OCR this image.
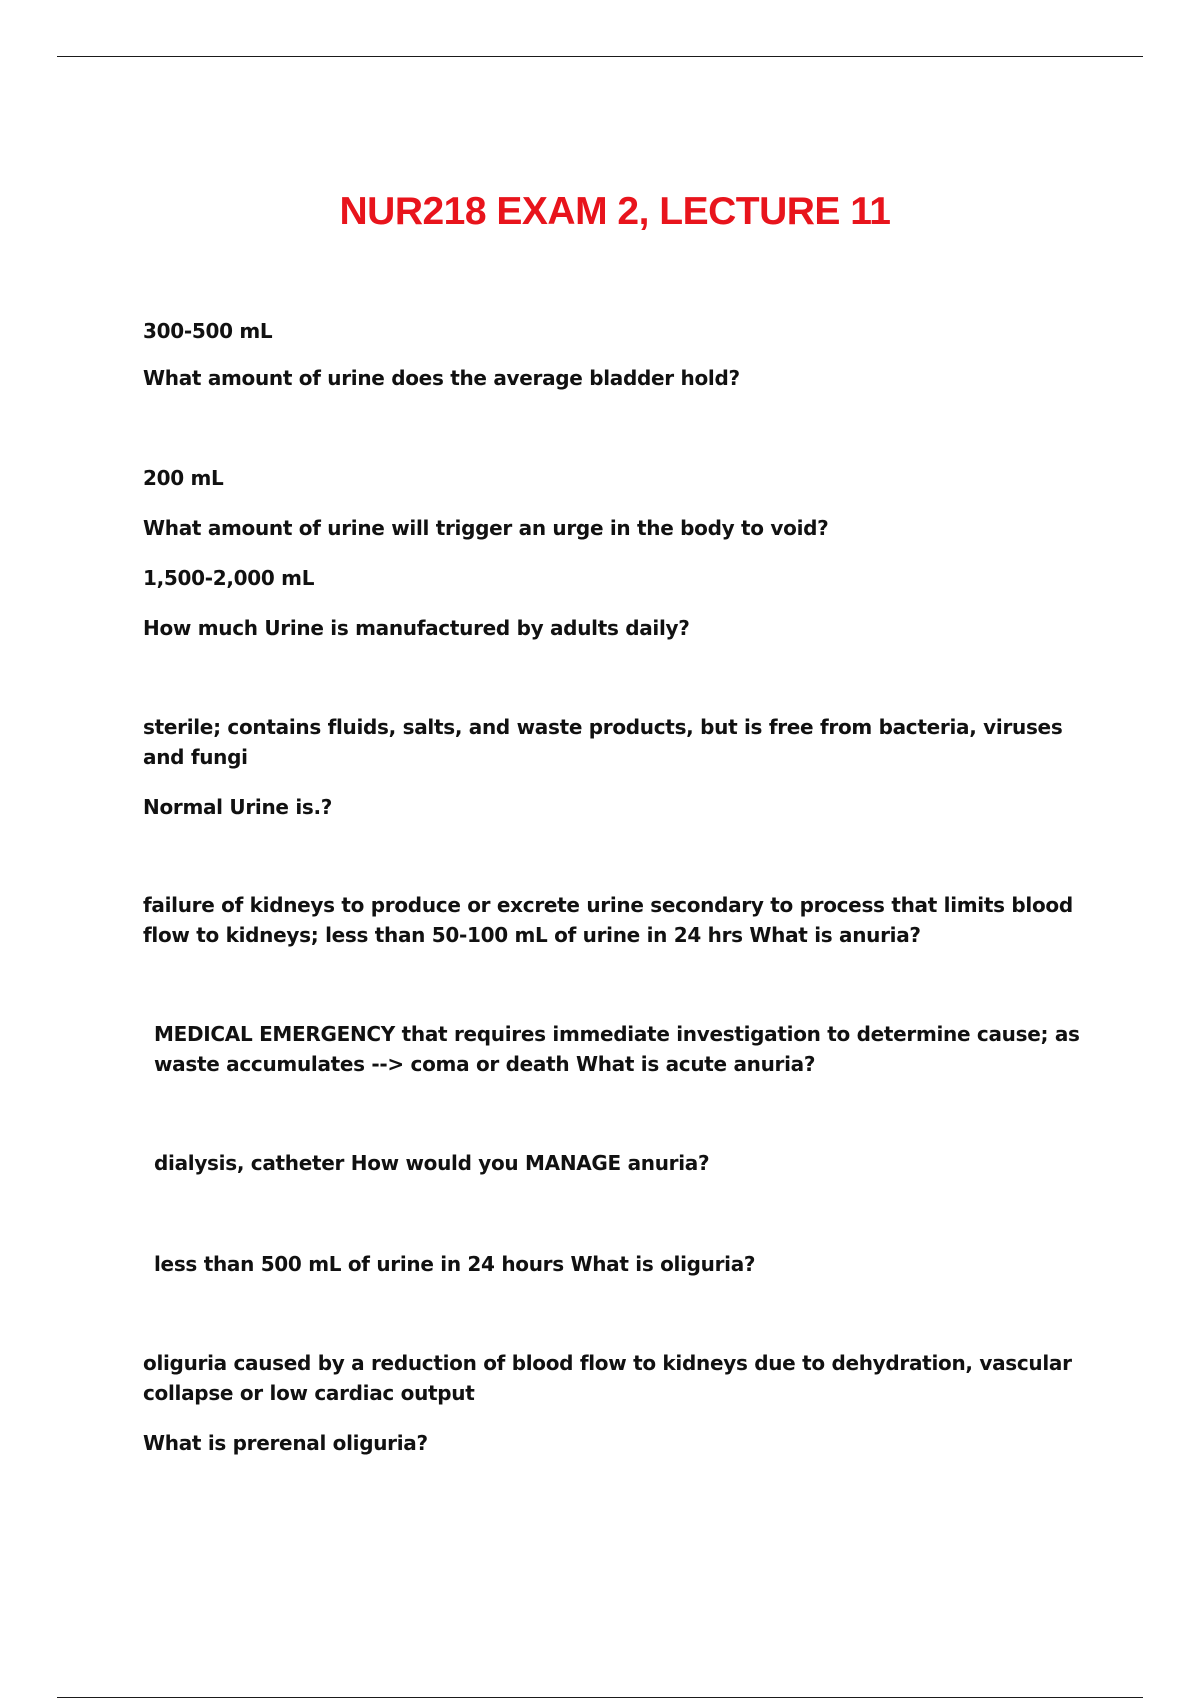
NUR218 EXAM 2, LECTURE 11

300-500 mL

What amount of urine does the average bladder hold?

200 mL

What amount of urine will trigger an urge in the body to void?

1,500-2,000 mL

How much Urine is manufactured by adults daily?

sterile; contains fluids, salts, and waste products, but is free from bacteria, viruses and fungi

Normal Urine is.?

failure of kidneys to produce or excrete urine secondary to process that limits blood flow to kidneys; less than 50-100 mL of urine in 24 hrs What is anuria?

MEDICAL EMERGENCY that requires immediate investigation to determine cause; as waste accumulates --> coma or death What is acute anuria?

dialysis, catheter How would you MANAGE anuria?

less than 500 mL of urine in 24 hours What is oliguria?

oliguria caused by a reduction of blood flow to kidneys due to dehydration, vascular collapse or low cardiac output

What is prerenal oliguria?
